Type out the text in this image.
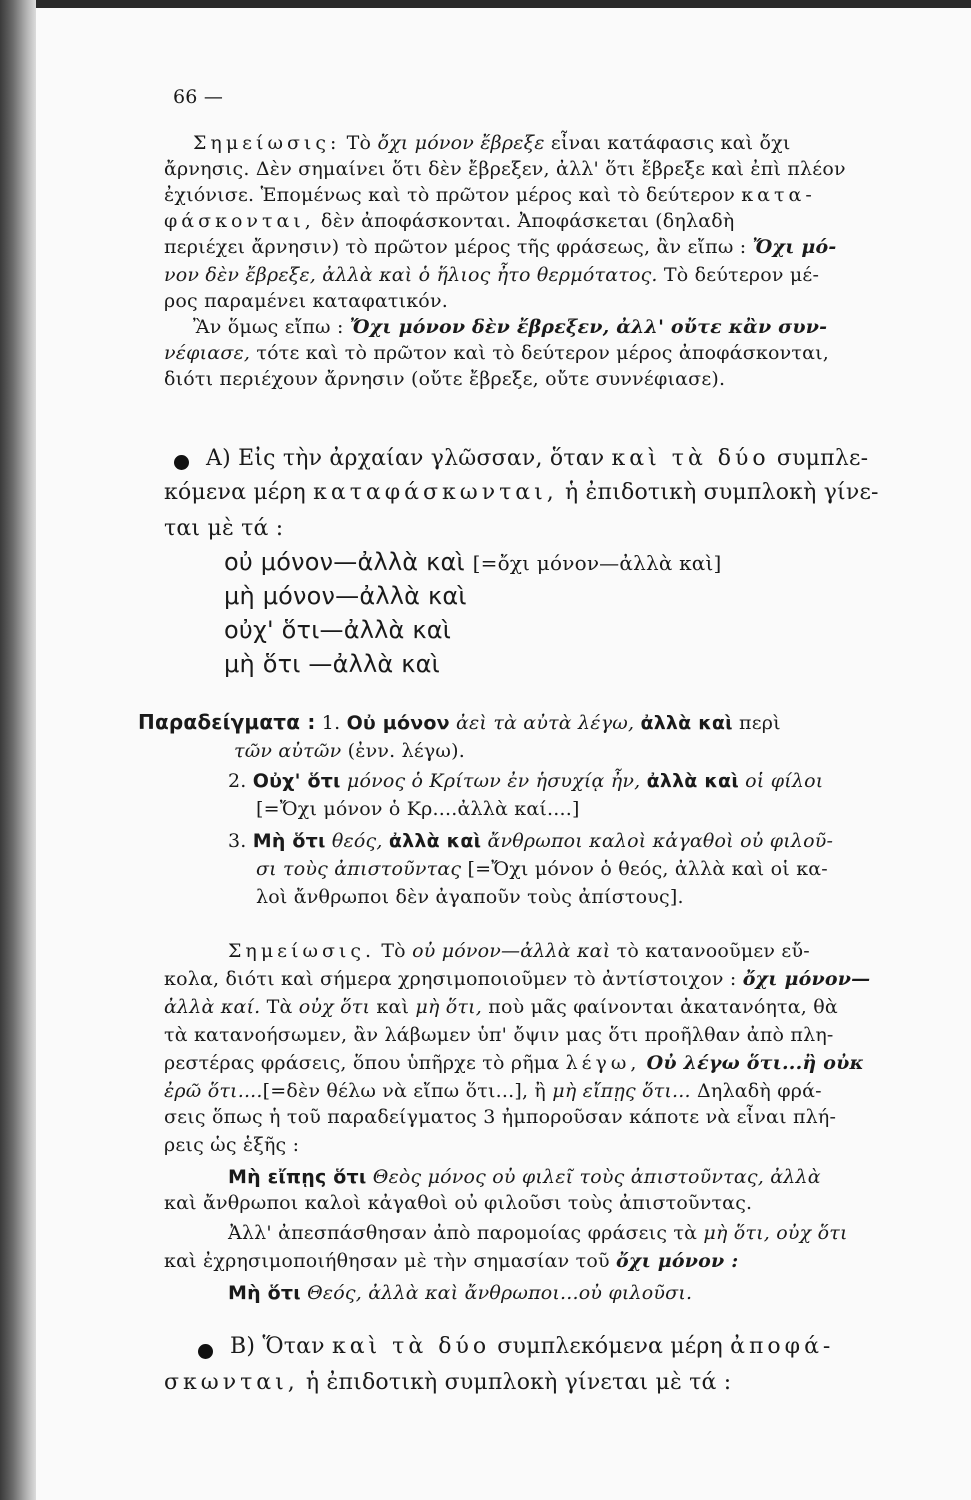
66 —
Σημείωσις: Τὸ ὄχι μόνον ἔβρεξε εἶναι κατάφασις καὶ ὄχι
ἄρνησις. Δὲν σημαίνει ὅτι δὲν ἔβρεξεν, ἀλλ' ὅτι ἔβρεξε καὶ ἐπὶ πλέον
ἐχιόνισε. Ἑπομένως καὶ τὸ πρῶτον μέρος καὶ τὸ δεύτερον κατα-
φάσκονται, δὲν ἀποφάσκονται. Ἀποφάσκεται (δηλαδὴ
περιέχει ἄρνησιν) τὸ πρῶτον μέρος τῆς φράσεως, ἂν εἴπω : Ὄχι μό-
νον δὲν ἔβρεξε, ἀλλὰ καὶ ὁ ἥλιος ἦτο θερμότατος. Τὸ δεύτερον μέ-
ρος παραμένει καταφατικόν.
Ἂν ὅμως εἴπω : Ὄχι μόνον δὲν ἔβρεξεν, ἀλλ' οὔτε κἂν συν-
νέφιασε, τότε καὶ τὸ πρῶτον καὶ τὸ δεύτερον μέρος ἀποφάσκονται,
διότι περιέχουν ἄρνησιν (οὔτε ἔβρεξε, οὔτε συννέφιασε).
Α) Εἰς τὴν ἀρχαίαν γλῶσσαν, ὅταν καὶ τὰ δύο συμπλε-
κόμενα μέρη καταφάσκωνται, ἡ ἐπιδοτικὴ συμπλοκὴ γίνε-
ται μὲ τά :
οὐ μόνον—ἀλλὰ καὶ [=ὄχι μόνον—ἀλλὰ καὶ]
μὴ μόνον—ἀλλὰ καὶ
οὐχ' ὅτι—ἀλλὰ καὶ
μὴ ὅτι —ἀλλὰ καὶ
Παραδείγματα : 1. Οὐ μόνον ἀεὶ τὰ αὐτὰ λέγω, ἀλλὰ καὶ περὶ
τῶν αὐτῶν (ἐνν. λέγω).
2. Οὐχ' ὅτι μόνος ὁ Κρίτων ἐν ἡσυχίᾳ ἦν, ἀλλὰ καὶ οἱ φίλοι
[=Ὄχι μόνον ὁ Κρ....ἀλλὰ καί....]
3. Μὴ ὅτι θεός, ἀλλὰ καὶ ἄνθρωποι καλοὶ κἀγαθοὶ οὐ φιλοῦ-
σι τοὺς ἀπιστοῦντας [=Ὄχι μόνον ὁ θεός, ἀλλὰ καὶ οἱ κα-
λοὶ ἄνθρωποι δὲν ἀγαποῦν τοὺς ἀπίστους].
Σημείωσις. Τὸ οὐ μόνον—ἀλλὰ καὶ τὸ κατανοοῦμεν εὔ-
κολα, διότι καὶ σήμερα χρησιμοποιοῦμεν τὸ ἀντίστοιχον : ὄχι μόνον—
ἀλλὰ καί. Τὰ οὐχ ὅτι καὶ μὴ ὅτι, ποὺ μᾶς φαίνονται ἀκατανόητα, θὰ
τὰ κατανοήσωμεν, ἂν λάβωμεν ὑπ' ὄψιν μας ὅτι προῆλθαν ἀπὸ πλη-
ρεστέρας φράσεις, ὅπου ὑπῆρχε τὸ ρῆμα λέγω, Οὐ λέγω ὅτι...ἢ οὐκ
ἐρῶ ὅτι....[=δὲν θέλω νὰ εἴπω ὅτι...], ἢ μὴ εἴπῃς ὅτι... Δηλαδὴ φρά-
σεις ὅπως ἡ τοῦ παραδείγματος 3 ἠμποροῦσαν κάποτε νὰ εἶναι πλή-
ρεις ὡς ἑξῆς :
Μὴ εἴπῃς ὅτι Θεὸς μόνος οὐ φιλεῖ τοὺς ἀπιστοῦντας, ἀλλὰ
καὶ ἄνθρωποι καλοὶ κἀγαθοὶ οὐ φιλοῦσι τοὺς ἀπιστοῦντας.
Ἀλλ' ἀπεσπάσθησαν ἀπὸ παρομοίας φράσεις τὰ μὴ ὅτι, οὐχ ὅτι
καὶ ἐχρησιμοποιήθησαν μὲ τὴν σημασίαν τοῦ ὄχι μόνον :
Μὴ ὅτι Θεός, ἀλλὰ καὶ ἄνθρωποι...οὐ φιλοῦσι.
Β) Ὅταν καὶ τὰ δύο συμπλεκόμενα μέρη ἀποφά-
σκωνται, ἡ ἐπιδοτικὴ συμπλοκὴ γίνεται μὲ τά :
